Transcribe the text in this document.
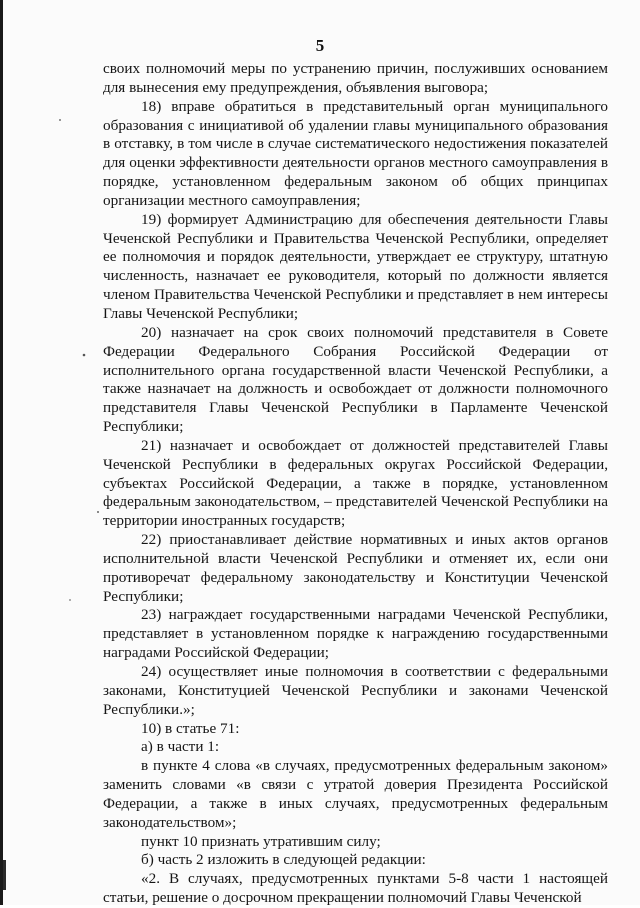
5

своих полномочий меры по устранению причин, послуживших основанием для вынесения ему предупреждения, объявления выговора;

18) вправе обратиться в представительный орган муниципального образования с инициативой об удалении главы муниципального образования в отставку, в том числе в случае систематического недостижения показателей для оценки эффективности деятельности органов местного самоуправления в порядке, установленном федеральным законом об общих принципах организации местного самоуправления;

19) формирует Администрацию для обеспечения деятельности Главы Чеченской Республики и Правительства Чеченской Республики, определяет ее полномочия и порядок деятельности, утверждает ее структуру, штатную численность, назначает ее руководителя, который по должности является членом Правительства Чеченской Республики и представляет в нем интересы Главы Чеченской Республики;

20) назначает на срок своих полномочий представителя в Совете Федерации Федерального Собрания Российской Федерации от исполнительного органа государственной власти Чеченской Республики, а также назначает на должность и освобождает от должности полномочного представителя Главы Чеченской Республики в Парламенте Чеченской Республики;

21) назначает и освобождает от должностей представителей Главы Чеченской Республики в федеральных округах Российской Федерации, субъектах Российской Федерации, а также в порядке, установленном федеральным законодательством, – представителей Чеченской Республики на территории иностранных государств;

22) приостанавливает действие нормативных и иных актов органов исполнительной власти Чеченской Республики и отменяет их, если они противоречат федеральному законодательству и Конституции Чеченской Республики;

23) награждает государственными наградами Чеченской Республики, представляет в установленном порядке к награждению государственными наградами Российской Федерации;

24) осуществляет иные полномочия в соответствии с федеральными законами, Конституцией Чеченской Республики и законами Чеченской Республики.»;

10) в статье 71:

а) в части 1:

в пункте 4 слова «в случаях, предусмотренных федеральным законом» заменить словами «в связи с утратой доверия Президента Российской Федерации, а также в иных случаях, предусмотренных федеральным законодательством»;

пункт 10 признать утратившим силу;

б) часть 2 изложить в следующей редакции:

«2. В случаях, предусмотренных пунктами 5-8 части 1 настоящей статьи, решение о досрочном прекращении полномочий Главы Чеченской
